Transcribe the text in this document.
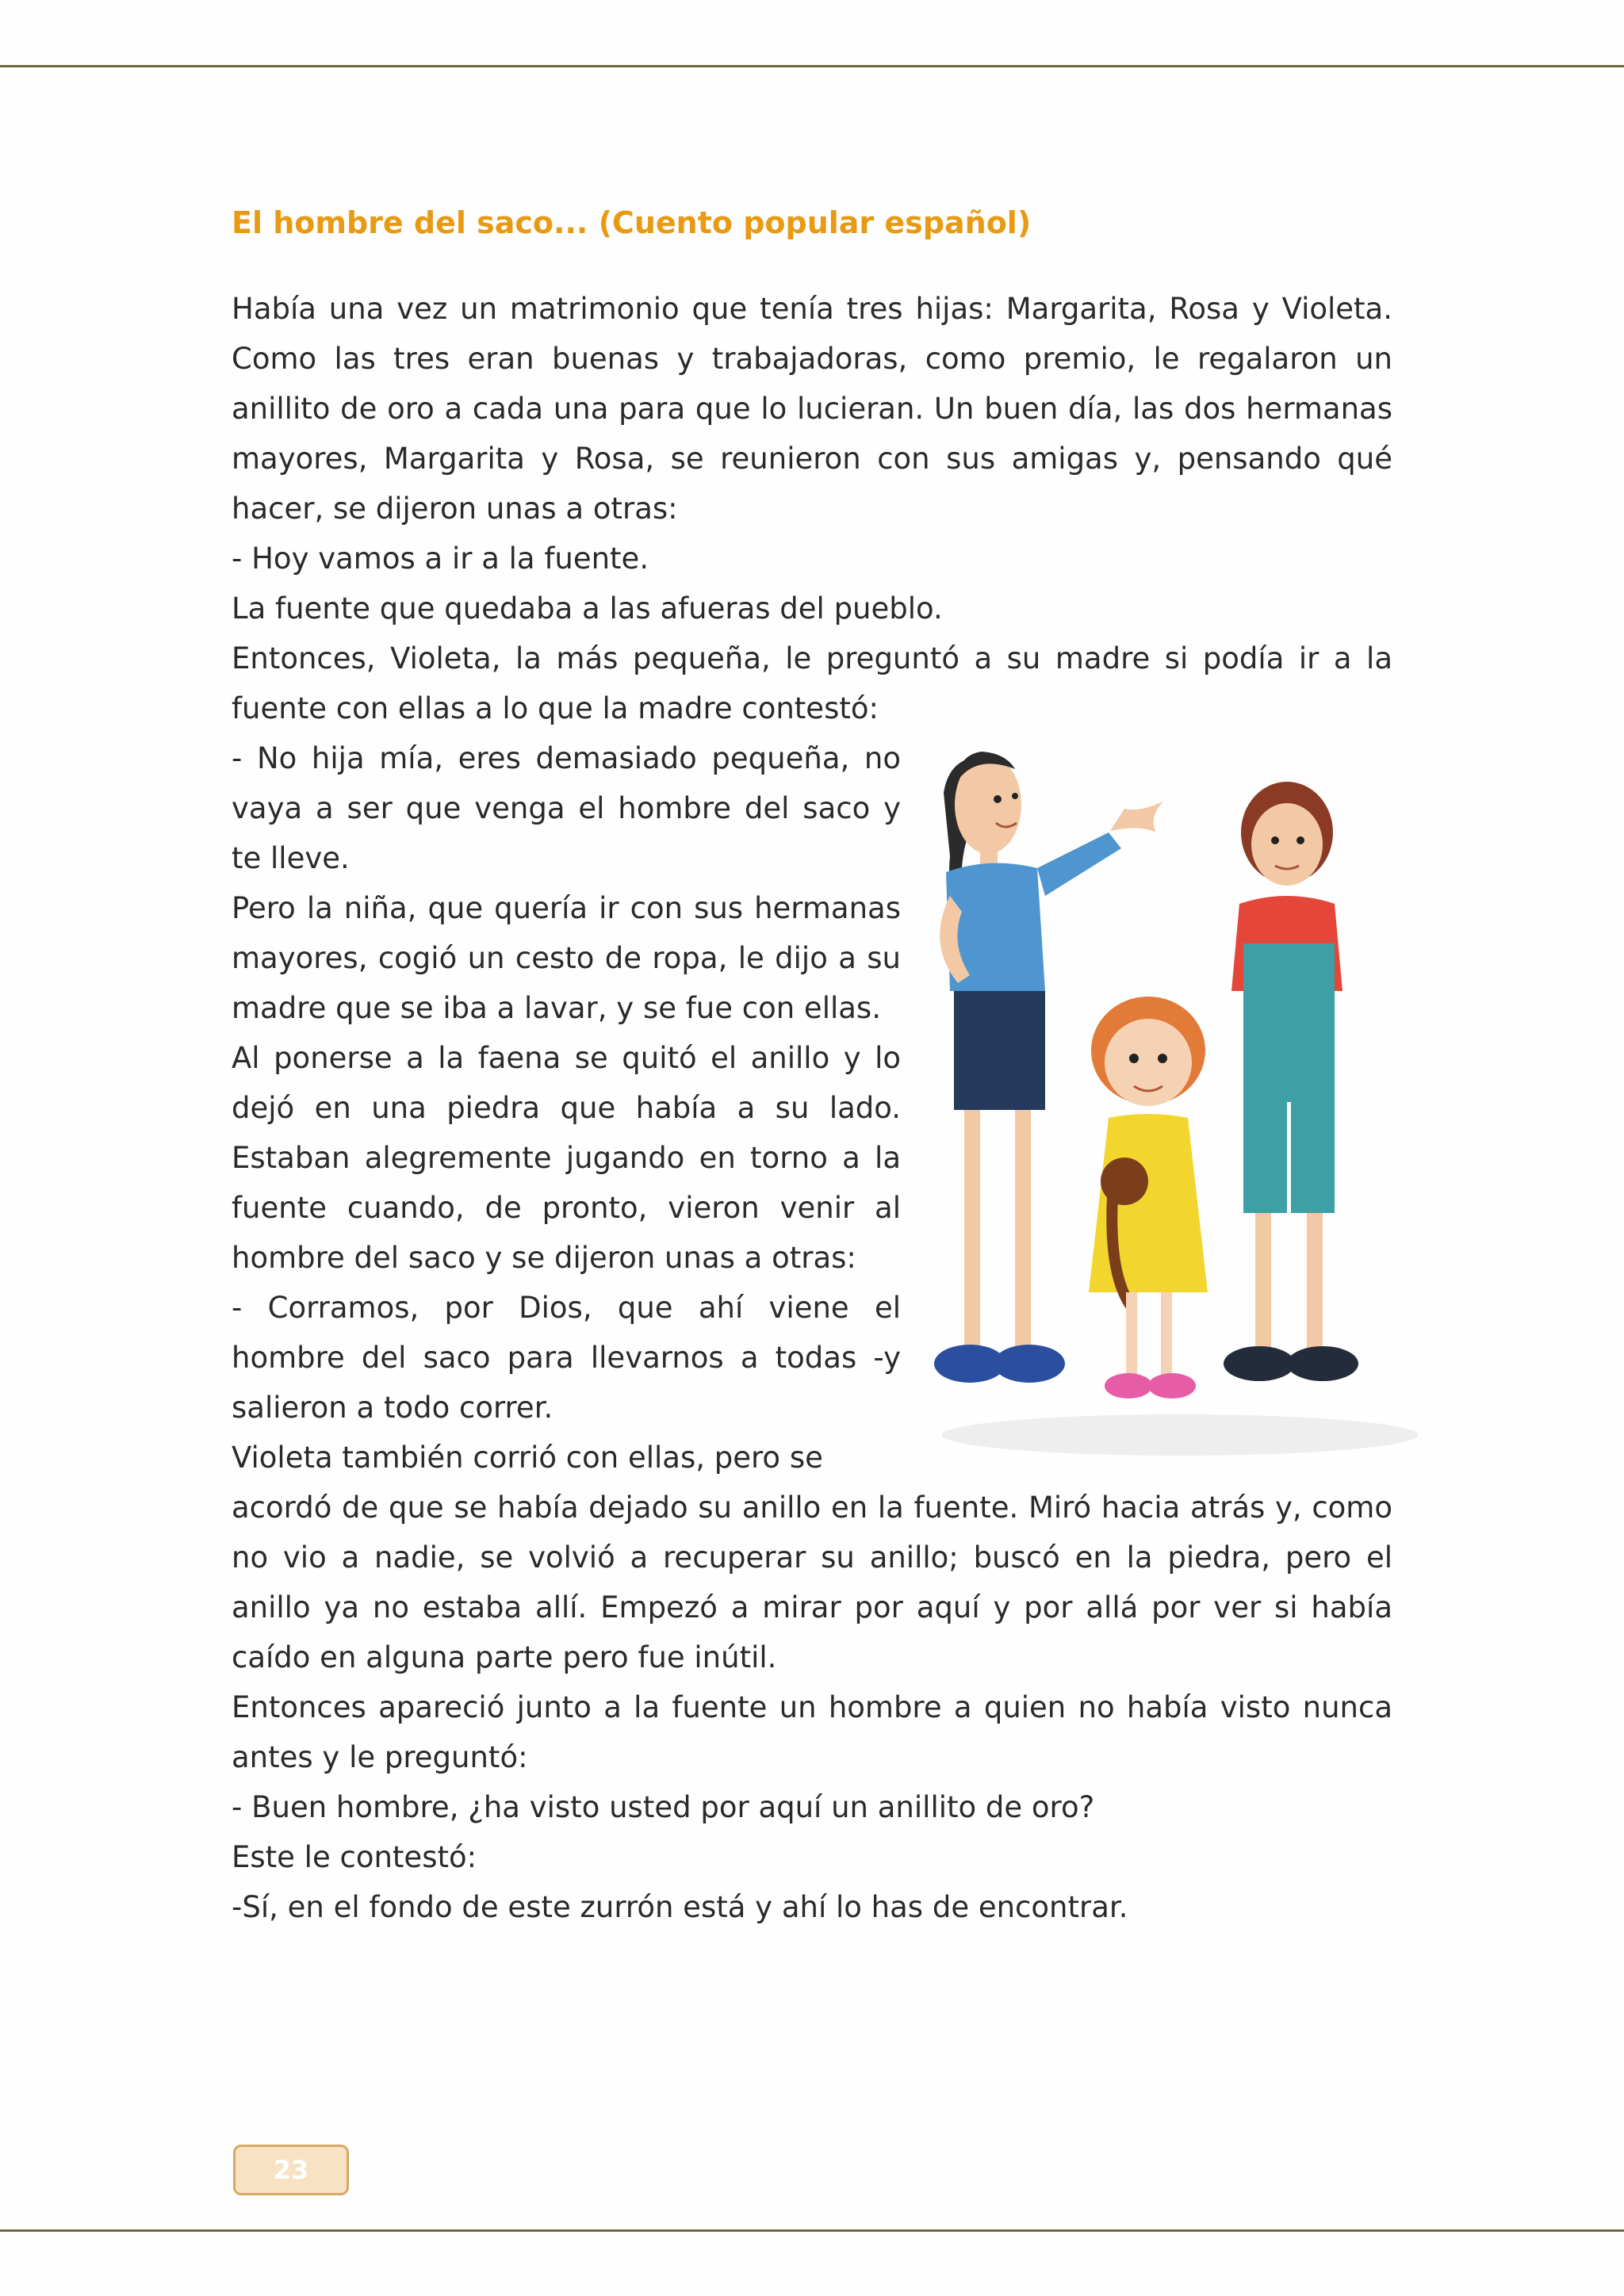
El hombre del saco... (Cuento popular español)

Había una vez un matrimonio que tenía tres hijas: Margarita, Rosa y Violeta. Como las tres eran buenas y trabajadoras, como premio, le regalaron un anillito de oro a cada una para que lo lucieran. Un buen día, las dos hermanas mayores, Margarita y Rosa, se reunieron con sus amigas y, pensando qué hacer, se dijeron unas a otras:

- Hoy vamos a ir a la fuente.

La fuente que quedaba a las afueras del pueblo.

Entonces, Violeta, la más pequeña, le preguntó a su madre si podía ir a la fuente con ellas a lo que la madre contestó:

- No hija mía, eres demasiado pequeña, no vaya a ser que venga el hombre del saco y te lleve.

Pero la niña, que quería ir con sus hermanas mayores, cogió un cesto de ropa, le dijo a su madre que se iba a lavar, y se fue con ellas.

Al ponerse a la faena se quitó el anillo y lo dejó en una piedra que había a su lado. Estaban alegremente jugando en torno a la fuente cuando, de pronto, vieron venir al hombre del saco y se dijeron unas a otras:

- Corramos, por Dios, que ahí viene el hombre del saco para llevarnos a todas -y salieron a todo correr.

Violeta también corrió con ellas, pero se

acordó de que se había dejado su anillo en la fuente. Miró hacia atrás y, como no vio a nadie, se volvió a recuperar su anillo; buscó en la piedra, pero el anillo ya no estaba allí. Empezó a mirar por aquí y por allá por ver si había caído en alguna parte pero fue inútil.

Entonces apareció junto a la fuente un hombre a quien no había visto nunca antes y le preguntó:

- Buen hombre, ¿ha visto usted por aquí un anillito de oro?

Este le contestó:

-Sí, en el fondo de este zurrón está y ahí lo has de encontrar.

23
